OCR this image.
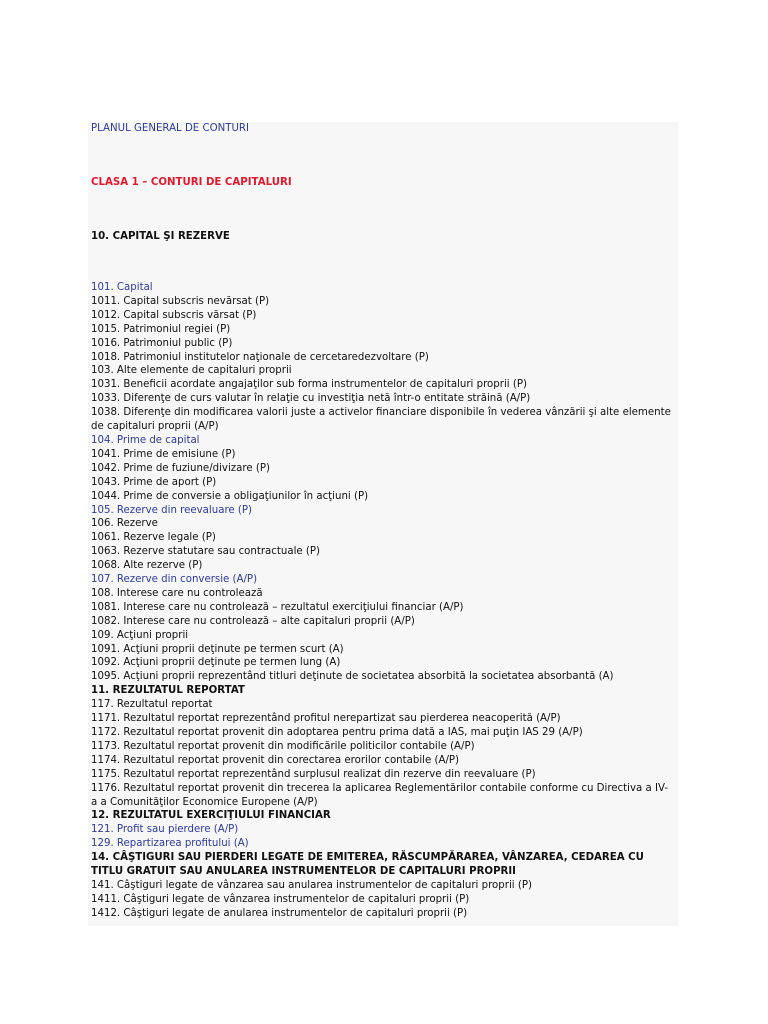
PLANUL GENERAL DE CONTURI
CLASA 1 – CONTURI DE CAPITALURI
10. CAPITAL ŞI REZERVE
101. Capital
1011. Capital subscris nevărsat (P)
1012. Capital subscris vărsat (P)
1015. Patrimoniul regiei (P)
1016. Patrimoniul public (P)
1018. Patrimoniul institutelor naţionale de cercetaredezvoltare (P)
103. Alte elemente de capitaluri proprii
1031. Beneficii acordate angajaţilor sub forma instrumentelor de capitaluri proprii (P)
1033. Diferenţe de curs valutar în relaţie cu investiţia netă într-o entitate străină (A/P)
1038. Diferenţe din modificarea valorii juste a activelor financiare disponibile în vederea vânzării şi alte elemente de capitaluri proprii (A/P)
104. Prime de capital
1041. Prime de emisiune (P)
1042. Prime de fuziune/divizare (P)
1043. Prime de aport (P)
1044. Prime de conversie a obligaţiunilor în acţiuni (P)
105. Rezerve din reevaluare (P)
106. Rezerve
1061. Rezerve legale (P)
1063. Rezerve statutare sau contractuale (P)
1068. Alte rezerve (P)
107. Rezerve din conversie (A/P)
108. Interese care nu controlează
1081. Interese care nu controlează – rezultatul exerciţiului financiar (A/P)
1082. Interese care nu controlează – alte capitaluri proprii (A/P)
109. Acţiuni proprii
1091. Acţiuni proprii deţinute pe termen scurt (A)
1092. Acţiuni proprii deţinute pe termen lung (A)
1095. Acţiuni proprii reprezentând titluri deţinute de societatea absorbită la societatea absorbantă (A)
11. REZULTATUL REPORTAT
117. Rezultatul reportat
1171. Rezultatul reportat reprezentând profitul nerepartizat sau pierderea neacoperită (A/P)
1172. Rezultatul reportat provenit din adoptarea pentru prima dată a IAS, mai puţin IAS 29 (A/P)
1173. Rezultatul reportat provenit din modificările politicilor contabile (A/P)
1174. Rezultatul reportat provenit din corectarea erorilor contabile (A/P)
1175. Rezultatul reportat reprezentând surplusul realizat din rezerve din reevaluare (P)
1176. Rezultatul reportat provenit din trecerea la aplicarea Reglementărilor contabile conforme cu Directiva a IV-a a Comunităţilor Economice Europene (A/P)
12. REZULTATUL EXERCIŢIULUI FINANCIAR
121. Profit sau pierdere (A/P)
129. Repartizarea profitului (A)
14. CÂŞTIGURI SAU PIERDERI LEGATE DE EMITEREA, RĂSCUMPĂRAREA, VÂNZAREA, CEDAREA CU TITLU GRATUIT SAU ANULAREA INSTRUMENTELOR DE CAPITALURI PROPRII
141. Câştiguri legate de vânzarea sau anularea instrumentelor de capitaluri proprii (P)
1411. Câştiguri legate de vânzarea instrumentelor de capitaluri proprii (P)
1412. Câştiguri legate de anularea instrumentelor de capitaluri proprii (P)
